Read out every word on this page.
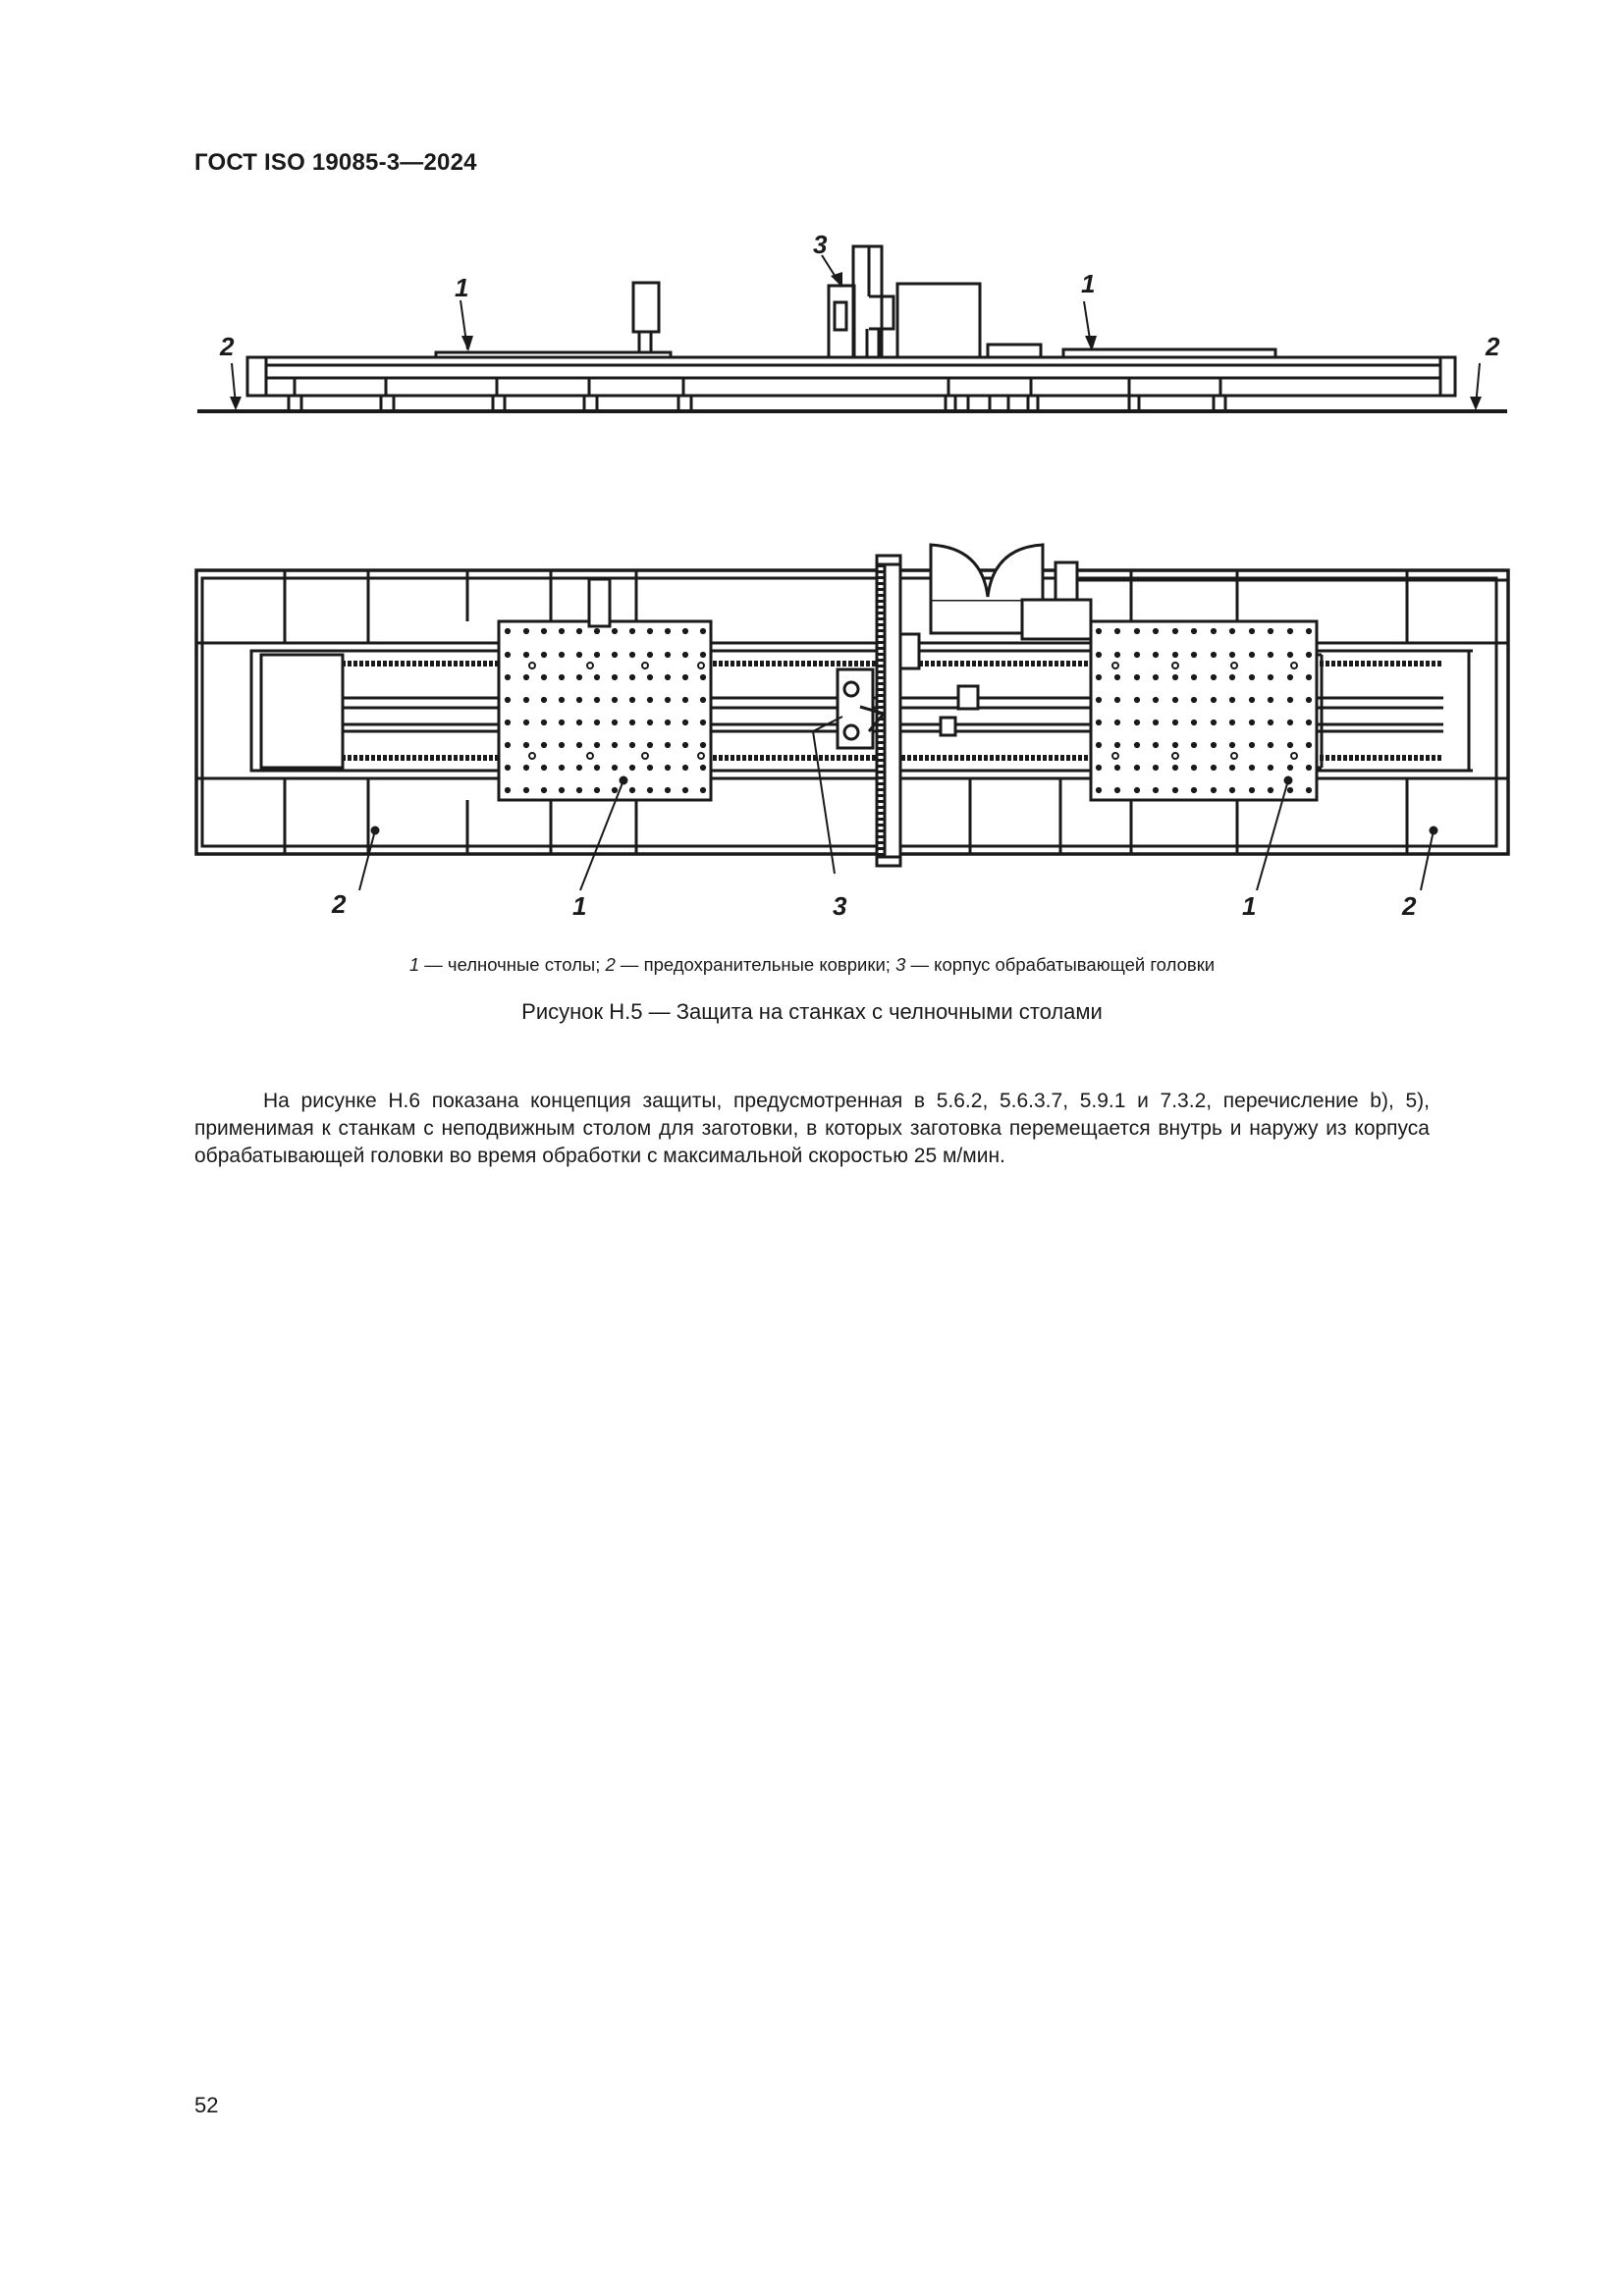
ГОСТ ISO 19085-3—2024
2
1
3
1
2
2	1	3	1	2
1 — челночные столы; 2 — предохранительные коврики; 3 — корпус обрабатывающей головки
Рисунок Н.5 — Защита на станках с челночными столами

На рисунке Н.6 показана концепция защиты, предусмотренная в 5.6.2, 5.6.3.7, 5.9.1 и 7.3.2, перечисление b), 5), применимая к станкам с неподвижным столом для заготовки, в которых заготовка перемещается внутрь и наружу из корпуса обрабатывающей головки во время обработки с максимальной скоростью 25 м/мин.

52
